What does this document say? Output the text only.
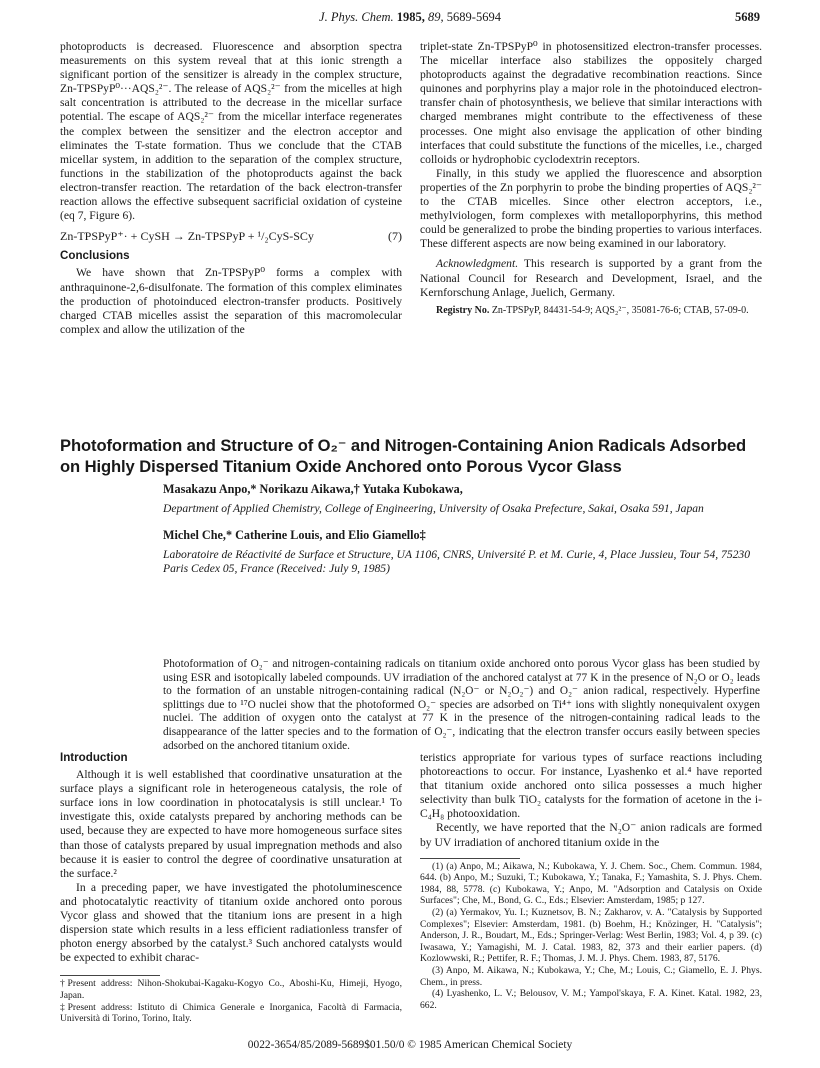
J. Phys. Chem. 1985, 89, 5689-5694	5689

photoproducts is decreased. Fluorescence and absorption spectra measurements on this system reveal that at this ionic strength a significant portion of the sensitizer is already in the complex structure, Zn-TPSPyP⁰···AQS₂²⁻. The release of AQS₂²⁻ from the micelles at high salt concentration is attributed to the decrease in the micellar surface potential. The escape of AQS₂²⁻ from the micellar interface regenerates the complex between the sensitizer and the electron acceptor and eliminates the T-state formation. Thus we conclude that the CTAB micellar system, in addition to the separation of the complex structure, functions in the stabilization of the photoproducts against the back electron-transfer reaction. The retardation of the back electron-transfer reaction allows the effective subsequent sacrificial oxidation of cysteine (eq 7, Figure 6).

Zn-TPSPyP⁺· + CySH → Zn-TPSPyP + ¹/₂CyS-SCy	(7)

Conclusions

We have shown that Zn-TPSPyP⁰ forms a complex with anthraquinone-2,6-disulfonate. The formation of this complex eliminates the production of photoinduced electron-transfer products. Positively charged CTAB micelles assist the separation of this macromolecular complex and allow the utilization of the

triplet-state Zn-TPSPyP⁰ in photosensitized electron-transfer processes. The micellar interface also stabilizes the oppositely charged photoproducts against the degradative recombination reactions. Since quinones and porphyrins play a major role in the photoinduced electron-transfer chain of photosynthesis, we believe that similar interactions with charged membranes might contribute to the effectiveness of these processes. One might also envisage the application of other binding interfaces that could substitute the functions of the micelles, i.e., charged colloids or hydrophobic cyclodextrin receptors.

Finally, in this study we applied the fluorescence and absorption properties of the Zn porphyrin to probe the binding properties of AQS₂²⁻ to the CTAB micelles. Since other electron acceptors, i.e., methylviologen, form complexes with metalloporphyrins, this method could be generalized to probe the binding properties to various interfaces. These different aspects are now being examined in our laboratory.

Acknowledgment. This research is supported by a grant from the National Council for Research and Development, Israel, and the Kernforschung Anlage, Juelich, Germany.

Registry No. Zn-TPSPyP, 84431-54-9; AQS₂²⁻, 35081-76-6; CTAB, 57-09-0.

Photoformation and Structure of O₂⁻ and Nitrogen-Containing Anion Radicals Adsorbed
on Highly Dispersed Titanium Oxide Anchored onto Porous Vycor Glass
Masakazu Anpo,* Norikazu Aikawa,† Yutaka Kubokawa,
Department of Applied Chemistry, College of Engineering, University of Osaka Prefecture, Sakai, Osaka 591, Japan
Michel Che,* Catherine Louis, and Elio Giamello‡
Laboratoire de Réactivité de Surface et Structure, UA 1106, CNRS, Université P. et M. Curie, 4, Place Jussieu, Tour 54, 75230 Paris Cedex 05, France (Received: July 9, 1985)
Photoformation of O₂⁻ and nitrogen-containing radicals on titanium oxide anchored onto porous Vycor glass has been studied by using ESR and isotopically labeled compounds. UV irradiation of the anchored catalyst at 77 K in the presence of N₂O or O₂ leads to the formation of an unstable nitrogen-containing radical (N₂O⁻ or N₂O₂⁻) and O₂⁻ anion radical, respectively. Hyperfine splittings due to ¹⁷O nuclei show that the photoformed O₂⁻ species are adsorbed on Ti⁴⁺ ions with slightly nonequivalent oxygen nuclei. The addition of oxygen onto the catalyst at 77 K in the presence of the nitrogen-containing radical leads to the disappearance of the latter species and to the formation of O₂⁻, indicating that the electron transfer occurs easily between species adsorbed on the anchored titanium oxide.

Introduction

Although it is well established that coordinative unsaturation at the surface plays a significant role in heterogeneous catalysis, the role of surface ions in low coordination in photocatalysis is still unclear.¹ To investigate this, oxide catalysts prepared by anchoring methods can be used, because they are expected to have more homogeneous surface sites than those of catalysts prepared by usual impregnation methods and also because it is easier to control the degree of coordinative unsaturation at the surface.²

In a preceding paper, we have investigated the photoluminescence and photocatalytic reactivity of titanium oxide anchored onto porous Vycor glass and showed that the titanium ions are present in a high dispersion state which results in a less efficient radiationless transfer of photon energy absorbed by the catalyst.³ Such anchored catalysts would be expected to exhibit charac-

†Present address: Nihon-Shokubai-Kagaku-Kogyo Co., Aboshi-Ku, Himeji, Hyogo, Japan.
‡Present address: Istituto di Chimica Generale e Inorganica, Facoltà di Farmacia, Università di Torino, Torino, Italy.

teristics appropriate for various types of surface reactions including photoreactions to occur. For instance, Lyashenko et al.⁴ have reported that titanium oxide anchored onto silica possesses a much higher selectivity than bulk TiO₂ catalysts for the formation of acetone in the i-C₄H₈ photooxidation.

Recently, we have reported that the N₂O⁻ anion radicals are formed by UV irradiation of anchored titanium oxide in the

(1) (a) Anpo, M.; Aikawa, N.; Kubokawa, Y. J. Chem. Soc., Chem. Commun. 1984, 644. (b) Anpo, M.; Suzuki, T.; Kubokawa, Y.; Tanaka, F.; Yamashita, S. J. Phys. Chem. 1984, 88, 5778. (c) Kubokawa, Y.; Anpo, M. "Adsorption and Catalysis on Oxide Surfaces"; Che, M., Bond, G. C., Eds.; Elsevier: Amsterdam, 1985; p 127.

(2) (a) Yermakov, Yu. I.; Kuznetsov, B. N.; Zakharov, v. A. "Catalysis by Supported Complexes"; Elsevier: Amsterdam, 1981. (b) Boehm, H.; Knözinger, H. "Catalysis"; Anderson, J. R., Boudart, M., Eds.; Springer-Verlag: West Berlin, 1983; Vol. 4, p 39. (c) Iwasawa, Y.; Yamagishi, M. J. Catal. 1983, 82, 373 and their earlier papers. (d) Kozlowwski, R.; Pettifer, R. F.; Thomas, J. M. J. Phys. Chem. 1983, 87, 5176.

(3) Anpo, M. Aikawa, N.; Kubokawa, Y.; Che, M.; Louis, C.; Giamello, E. J. Phys. Chem., in press.

(4) Lyashenko, L. V.; Belousov, V. M.; Yampol'skaya, F. A. Kinet. Katal. 1982, 23, 662.

0022-3654/85/2089-5689$01.50/0 © 1985 American Chemical Society
